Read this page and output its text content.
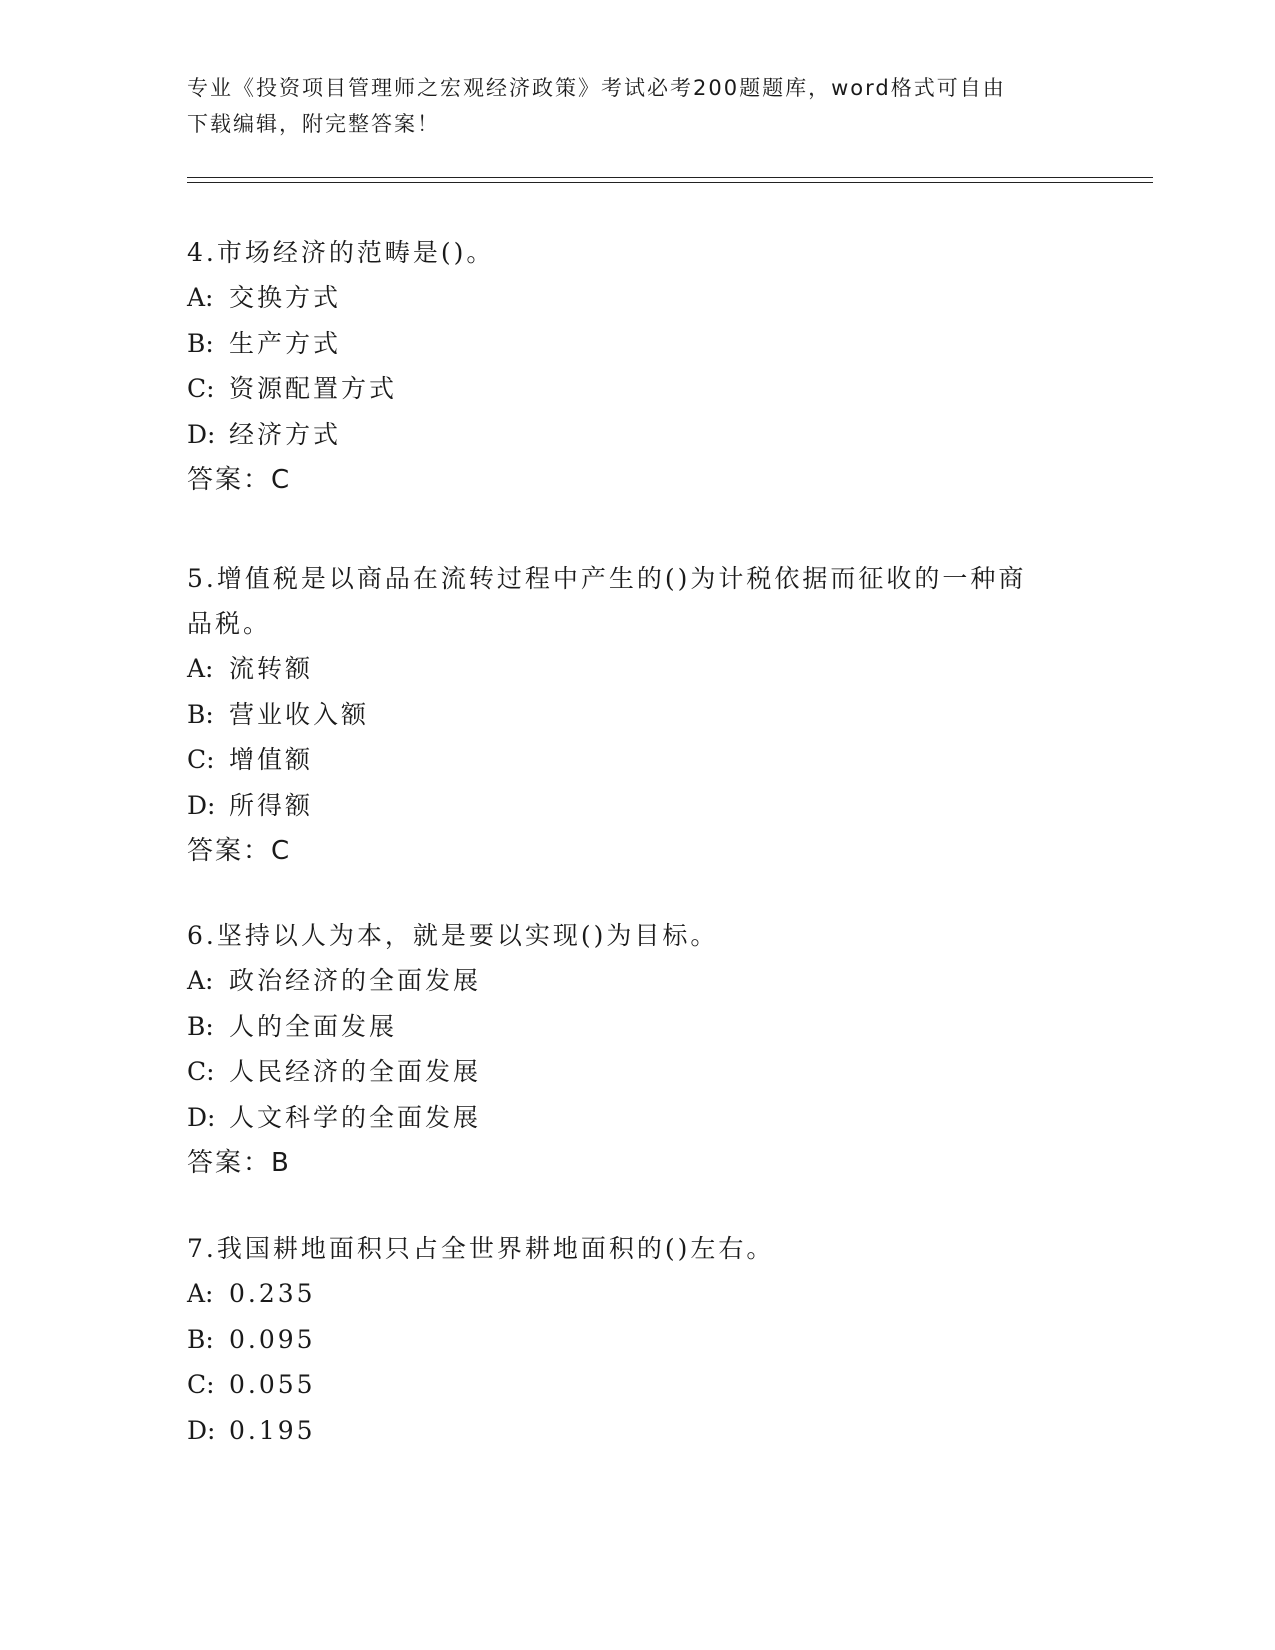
专业《投资项目管理师之宏观经济政策》考试必考200题题库，word格式可自由
下载编辑，附完整答案！
4.市场经济的范畴是()。
A: 交换方式
B: 生产方式
C: 资源配置方式
D: 经济方式
答案：C
5.增值税是以商品在流转过程中产生的()为计税依据而征收的一种商品税。
A: 流转额
B: 营业收入额
C: 增值额
D: 所得额
答案：C
6.坚持以人为本，就是要以实现()为目标。
A: 政治经济的全面发展
B: 人的全面发展
C: 人民经济的全面发展
D: 人文科学的全面发展
答案：B
7.我国耕地面积只占全世界耕地面积的()左右。
A: 0.235
B: 0.095
C: 0.055
D: 0.195
